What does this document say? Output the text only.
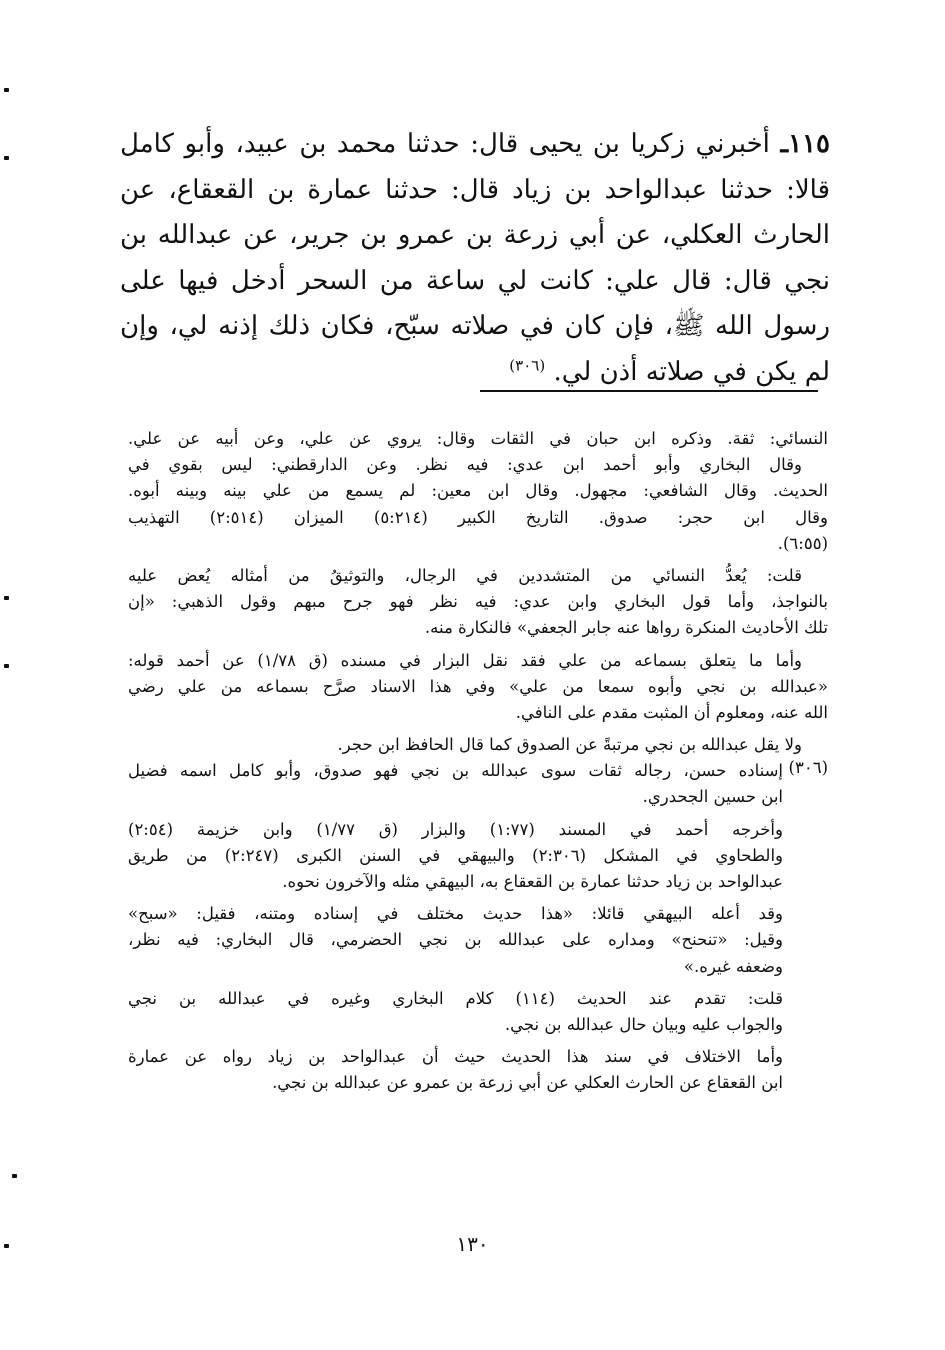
١١٥ـ أخبرني زكريا بن يحيى قال: حدثنا محمد بن عبيد، وأبو كامل قالا: حدثنا عبدالواحد بن زياد قال: حدثنا عمارة بن القعقاع، عن الحارث العكلي، عن أبي زرعة بن عمرو بن جرير، عن عبدالله بن نجي قال: قال علي: كانت لي ساعة من السحر أدخل فيها على رسول الله ﷺ، فإن كان في صلاته سبّح، فكان ذلك إذنه لي، وإن لم يكن في صلاته أذن لي. $^{(٣٠٦)}$
النسائي: ثقة. وذكره ابن حبان في الثقات وقال: يروي عن علي، وعن أبيه عن علي.
وقال البخاري وأبو أحمد ابن عدي: فيه نظر. وعن الدارقطني: ليس بقوي في
الحديث. وقال الشافعي: مجهول. وقال ابن معين: لم يسمع من علي بينه وبينه أبوه.
وقال ابن حجر: صدوق. التاريخ الكبير (٥:٢١٤) الميزان (٢:٥١٤) التهذيب
(٦:٥٥).
قلت: يُعدُّ النسائي من المتشددين في الرجال، والتوثيقُ من أمثاله يُعض عليه
بالنواجذ، وأما قول البخاري وابن عدي: فيه نظر فهو جرح مبهم وقول الذهبي: «إن
تلك الأحاديث المنكرة رواها عنه جابر الجعفي» فالنكارة منه.
وأما ما يتعلق بسماعه من علي فقد نقل البزار في مسنده (ق ١/٧٨) عن أحمد قوله:
«عبدالله بن نجي وأبوه سمعا من علي» وفي هذا الاسناد صرَّح بسماعه من علي رضي
الله عنه، ومعلوم أن المثبت مقدم على النافي.
ولا يقل عبدالله بن نجي مرتبةً عن الصدوق كما قال الحافظ ابن حجر.
(٣٠٦)
إسناده حسن، رجاله ثقات سوى عبدالله بن نجي فهو صدوق، وأبو كامل اسمه فضيل
ابن حسين الجحدري.
وأخرجه أحمد في المسند (١:٧٧) والبزار (ق ١/٧٧) وابن خزيمة (٢:٥٤)
والطحاوي في المشكل (٢:٣٠٦) والبيهقي في السنن الكبرى (٢:٢٤٧) من طريق
عبدالواحد بن زياد حدثنا عمارة بن القعقاع به، البيهقي مثله والآخرون نحوه.
وقد أعله البيهقي قائلا: «هذا حديث مختلف في إسناده ومتنه، فقيل: «سبح»
وقيل: «تنحنح» ومداره على عبدالله بن نجي الحضرمي، قال البخاري: فيه نظر،
وضعفه غيره.»
قلت: تقدم عند الحديث (١١٤) كلام البخاري وغيره في عبدالله بن نجي
والجواب عليه وبيان حال عبدالله بن نجي.
وأما الاختلاف في سند هذا الحديث حيث أن عبدالواحد بن زياد رواه عن عمارة
ابن القعقاع عن الحارث العكلي عن أبي زرعة بن عمرو عن عبدالله بن نجي.
١٣٠
